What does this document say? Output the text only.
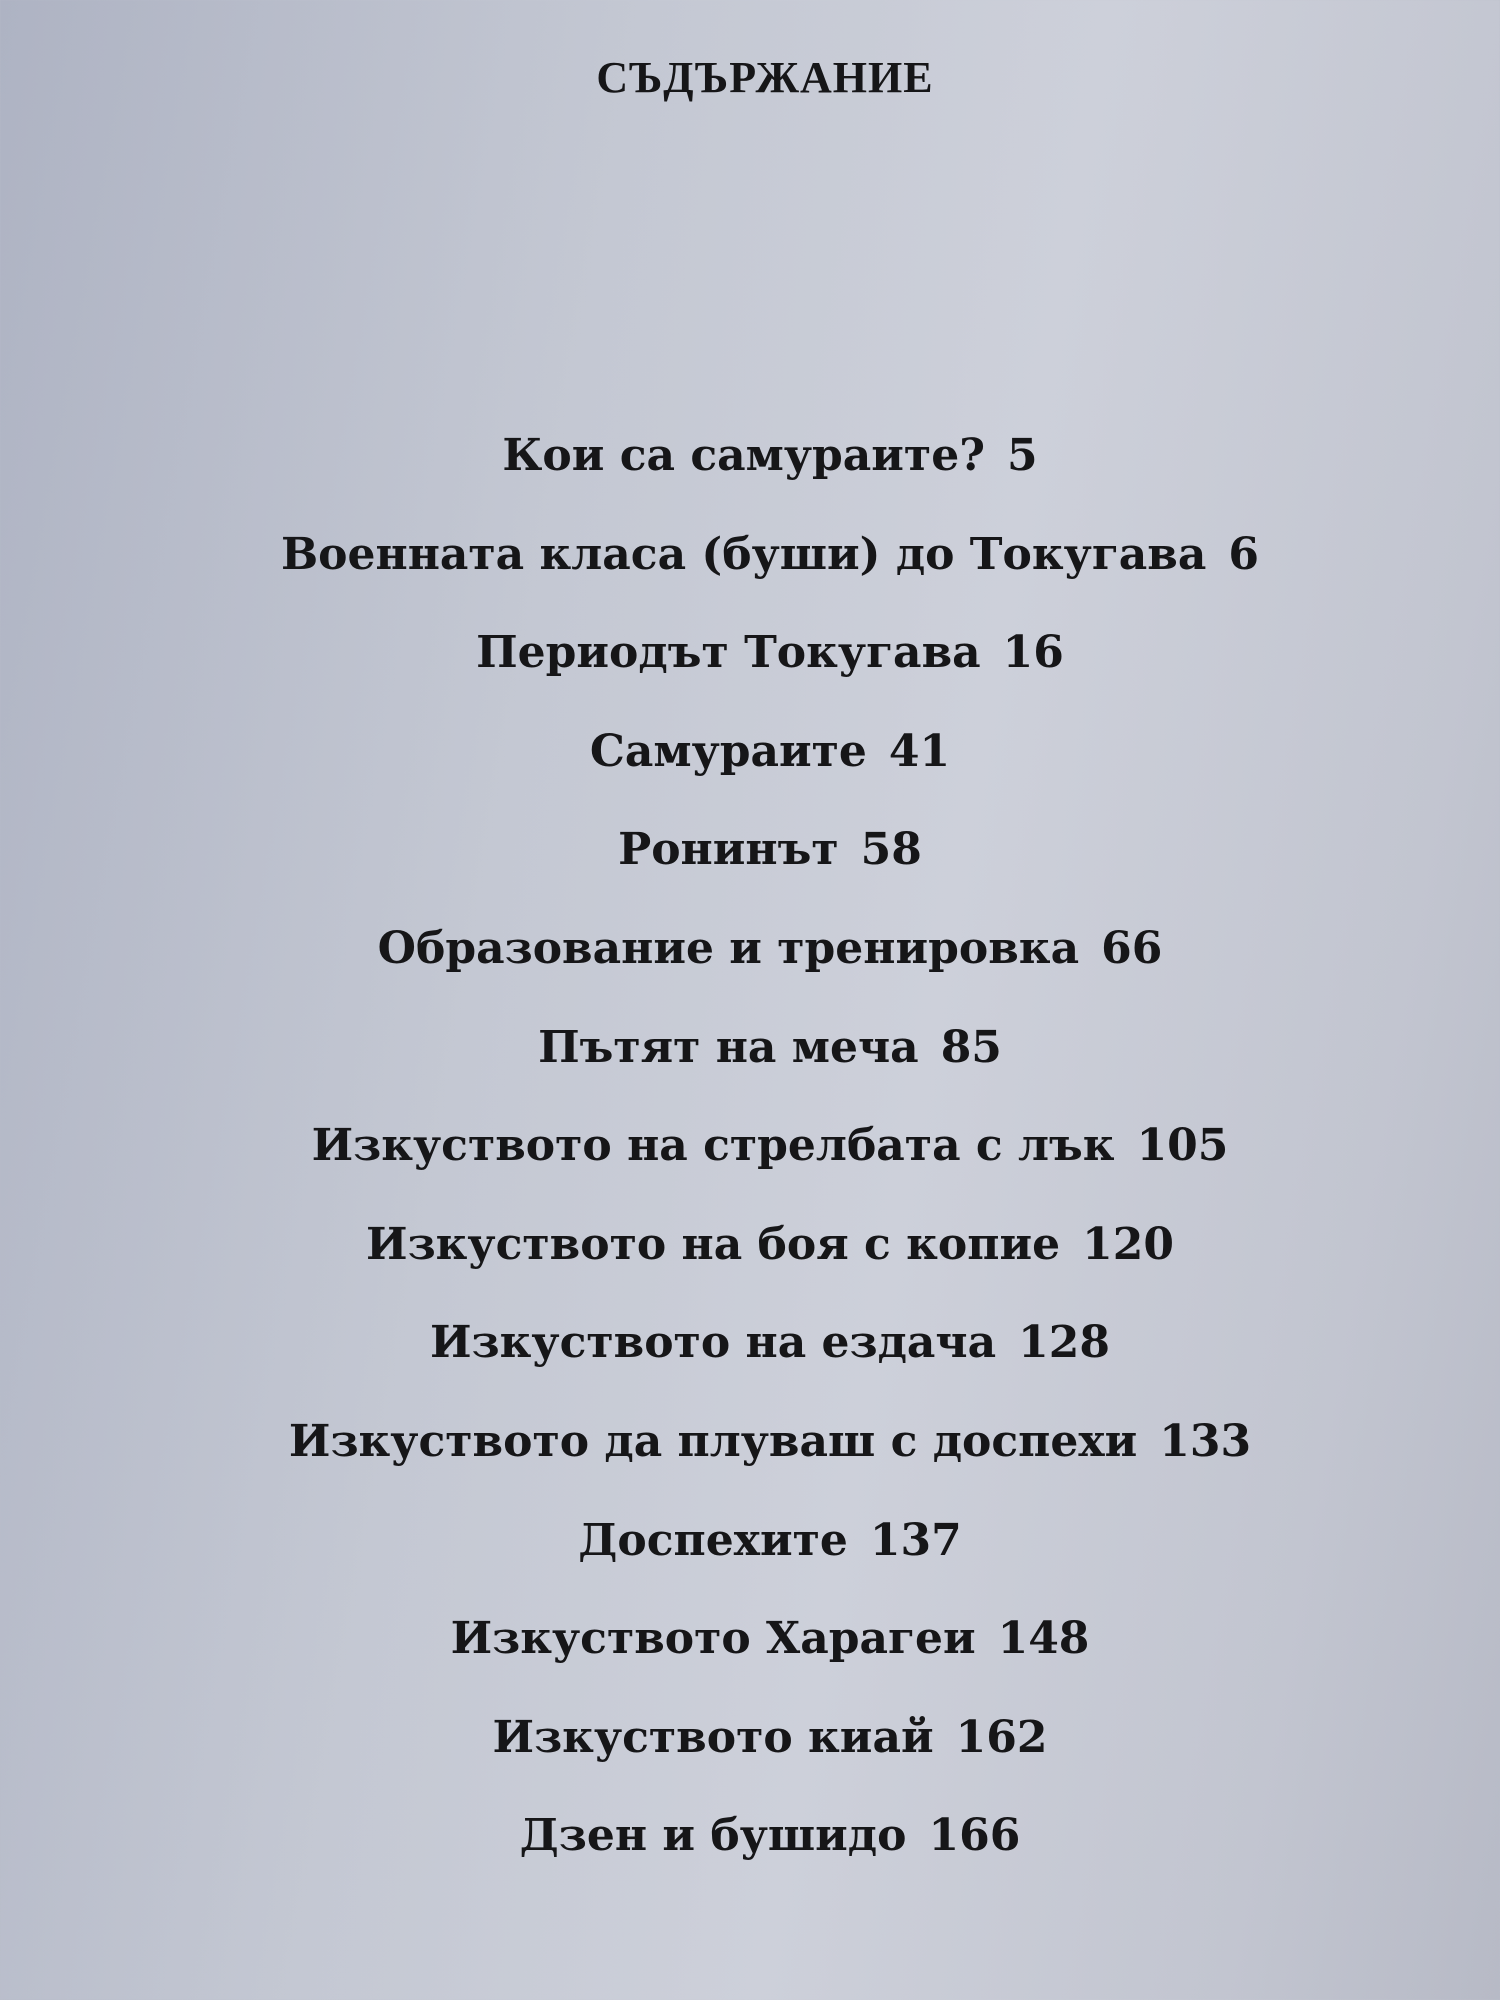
СЪДЪРЖАНИЕ
Кои са самураите? 5
Военната класа (буши) до Токугава 6
Периодът Токугава 16
Самураите 41
Ронинът 58
Образование и тренировка 66
Пътят на меча 85
Изкуството на стрелбата с лък 105
Изкуството на боя с копие 120
Изкуството на ездача 128
Изкуството да плуваш с доспехи 133
Доспехите 137
Изкуството Харагеи 148
Изкуството киай 162
Дзен и бушидо 166
